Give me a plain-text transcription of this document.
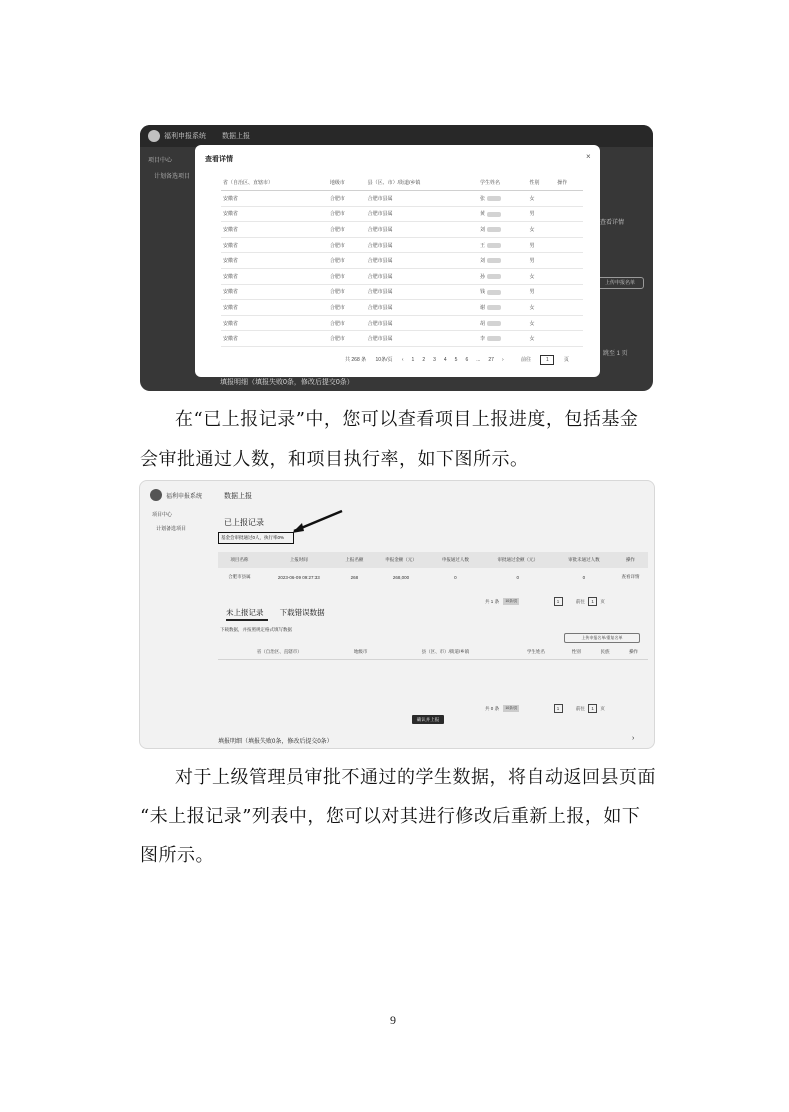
福利申报系统 数据上报
项目中心
计划备选项目
查看详情
上传申报名单
跳至 1 页
填报明细（填报失败0条，修改后提交0条）
查看详情	×
省（自治区、直辖市）	地级市	县（区、市）/街道/乡镇	学生姓名	性别	操作
安徽省	合肥市	合肥市县属	张	女	
安徽省	合肥市	合肥市县属	黄	男	
安徽省	合肥市	合肥市县属	刘	女	
安徽省	合肥市	合肥市县属	王	男	
安徽省	合肥市	合肥市县属	刘	男	
安徽省	合肥市	合肥市县属	孙	女	
安徽省	合肥市	合肥市县属	钱	男	
安徽省	合肥市	合肥市县属	谢	女	
安徽省	合肥市	合肥市县属	胡	女	
安徽省	合肥市	合肥市县属	李	女	
共 268 条 10条/页 ‹ 1 2 3 4 5 6 ... 27 ›	前往	1	页
在“已上报记录”中，您可以查看项目上报进度，包括基金
会审批通过人数，和项目执行率，如下图所示。
福利申报系统	数据上报
项目中心
计划备选项目
已上报记录
基金会审批通过0人，执行率0%
项目名称	上报时间	上报名额	申报金额（元）	申报通过人数	审批通过金额（元）	审批未通过人数	操作
合肥市县属	2023-06-09 09:27:33	268	268,000	0	0	0	查看详情
共 1 条 10条/页	1	前往 1 页
未上报记录 下载错误数据
下载数据，并按照规定格式填写数据
上传申报名单/重复名单
省（自治区、直辖市）	地级市	县（区、市）/街道/乡镇	学生姓名	性别	民族	操作
共 0 条 10条/页	1	前往 1 页
确认并上报
填报明细（填报失败0条，修改后提交0条）	›
对于上级管理员审批不通过的学生数据，将自动返回县页面
“未上报记录”列表中，您可以对其进行修改后重新上报，如下
图所示。
9
